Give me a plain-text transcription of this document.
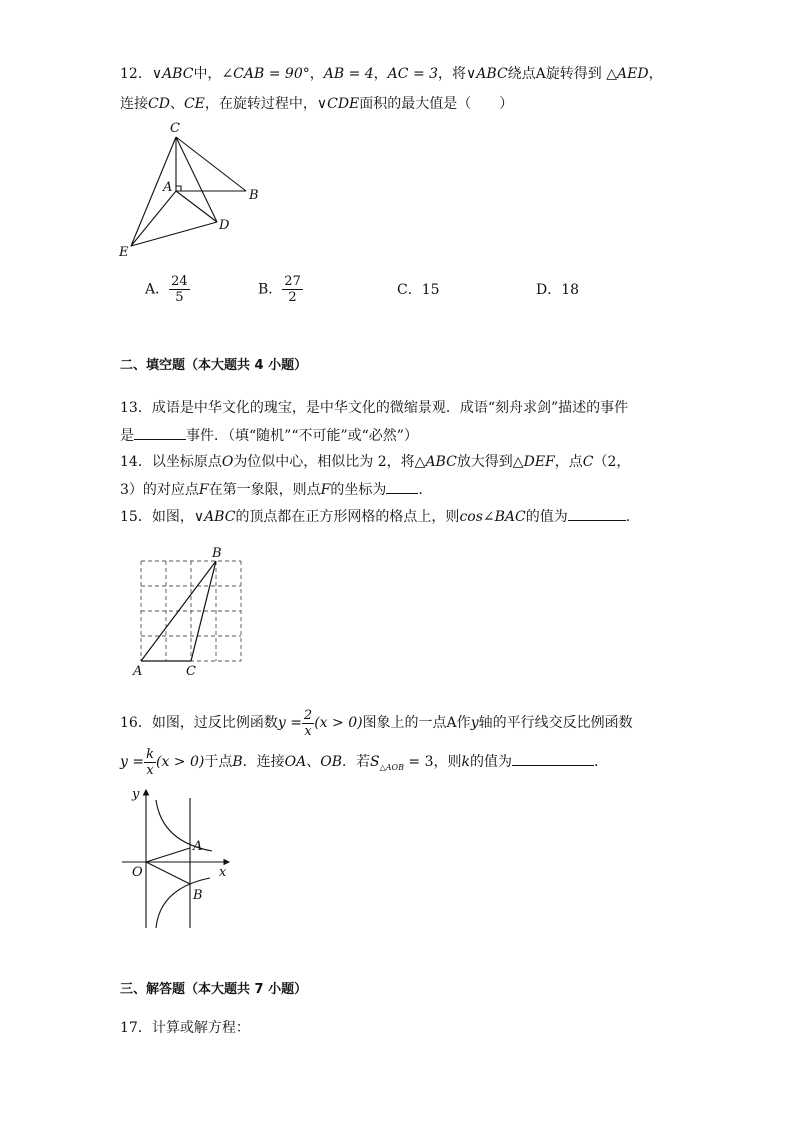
12．∨ABC中，∠CAB = 90°，AB = 4，AC = 3，将∨ABC绕点A旋转得到 △AED，
连接CD、CE，在旋转过程中，∨CDE面积的最大值是（　　）
C
A
B
D
E
A． $\frac{24}{5}$	B． $\frac{27}{2}$	C．15	D．18
二、填空题（本大题共 4 小题）
13．成语是中华文化的瑰宝，是中华文化的微缩景观．成语“刻舟求剑”描述的事件
是	事件．（填“随机”“不可能”或“必然”）
14．以坐标原点O为位似中心，相似比为 2，将△ABC放大得到△DEF，点C（2，
3）的对应点F在第一象限，则点F的坐标为 .
15．如图，∨ABC的顶点都在正方形网格的格点上，则cos∠BAC的值为	.
B
A	C
16．如图，过反比例函数$y = \frac{2}{x} (x > 0)$图象上的一点A作y轴的平行线交反比例函数
$y = \frac{k}{x} (x > 0)$于点B．连接OA、OB．若$S_{\triangle AOB} = 3$，则k的值为	.
y
x
O
A
B
三、解答题（本大题共 7 小题）
17．计算或解方程：
